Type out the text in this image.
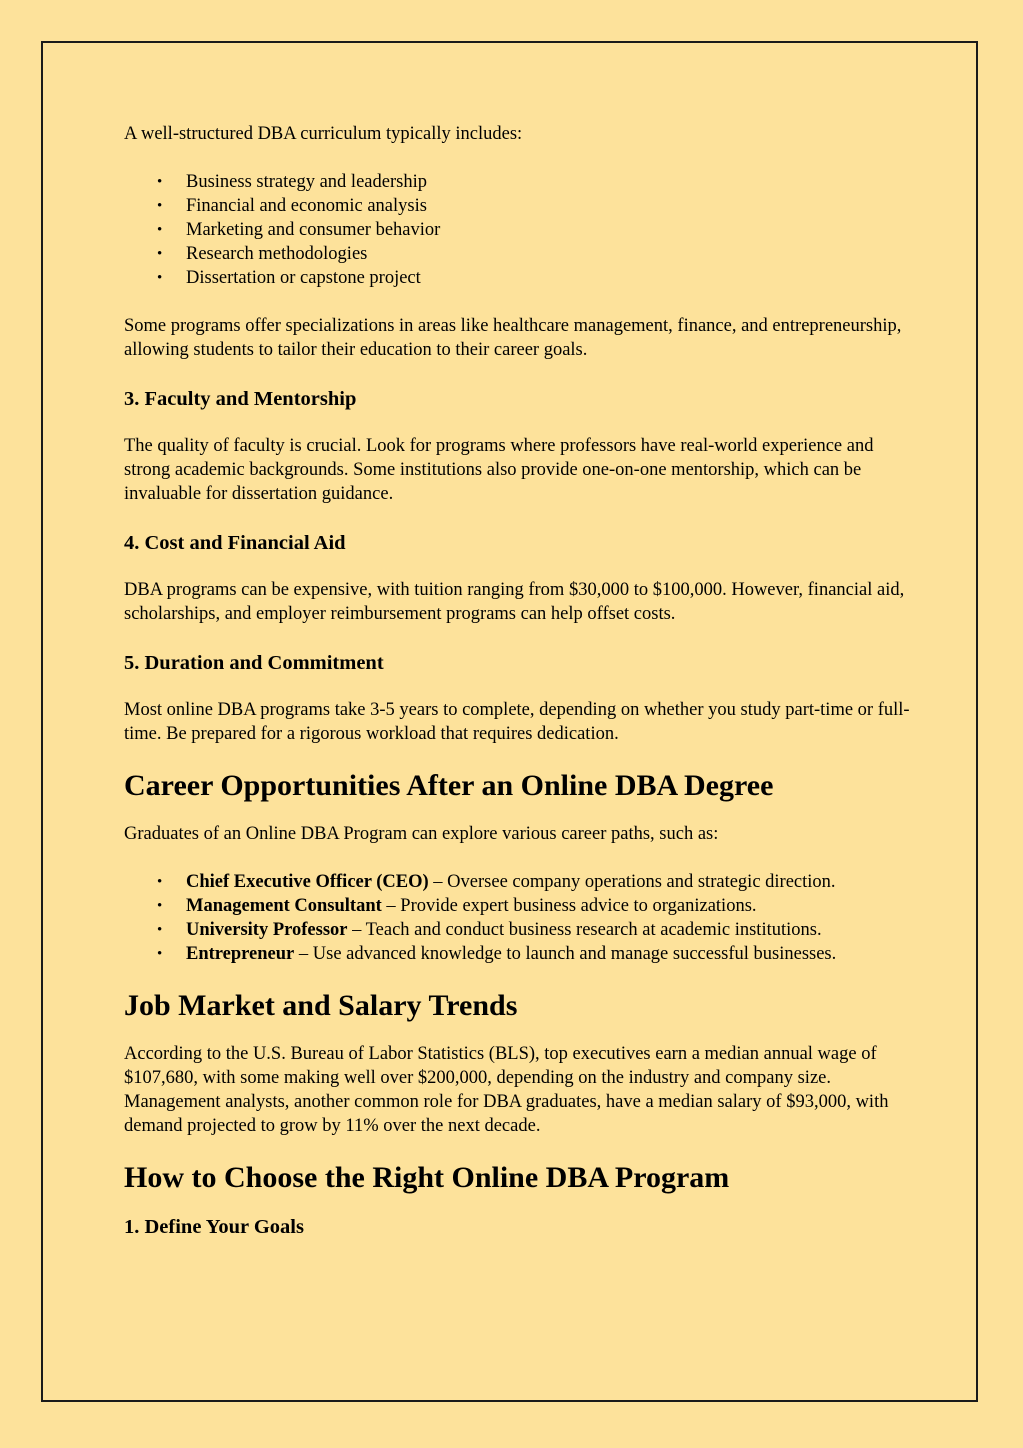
A well-structured DBA curriculum typically includes:

• Business strategy and leadership
• Financial and economic analysis
• Marketing and consumer behavior
• Research methodologies
• Dissertation or capstone project

Some programs offer specializations in areas like healthcare management, finance, and entrepreneurship, allowing students to tailor their education to their career goals.

3. Faculty and Mentorship

The quality of faculty is crucial. Look for programs where professors have real-world experience and strong academic backgrounds. Some institutions also provide one-on-one mentorship, which can be invaluable for dissertation guidance.

4. Cost and Financial Aid

DBA programs can be expensive, with tuition ranging from $30,000 to $100,000. However, financial aid, scholarships, and employer reimbursement programs can help offset costs.

5. Duration and Commitment

Most online DBA programs take 3-5 years to complete, depending on whether you study part-time or full-time. Be prepared for a rigorous workload that requires dedication.

Career Opportunities After an Online DBA Degree

Graduates of an Online DBA Program can explore various career paths, such as:

• Chief Executive Officer (CEO) – Oversee company operations and strategic direction.
• Management Consultant – Provide expert business advice to organizations.
• University Professor – Teach and conduct business research at academic institutions.
• Entrepreneur – Use advanced knowledge to launch and manage successful businesses.
Job Market and Salary Trends

According to the U.S. Bureau of Labor Statistics (BLS), top executives earn a median annual wage of $107,680, with some making well over $200,000, depending on the industry and company size. Management analysts, another common role for DBA graduates, have a median salary of $93,000, with demand projected to grow by 11% over the next decade.

How to Choose the Right Online DBA Program
1. Define Your Goals
